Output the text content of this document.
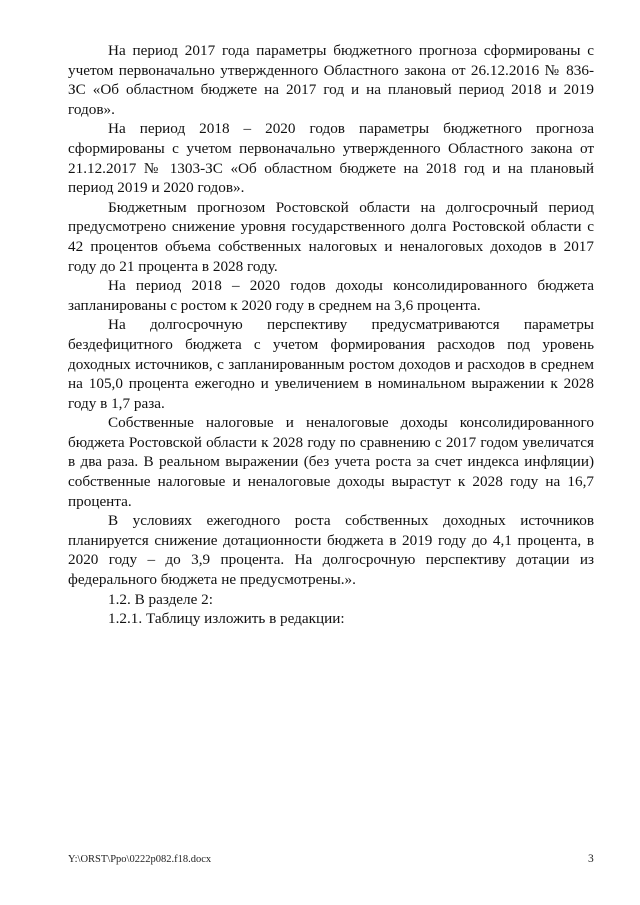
На период 2017 года параметры бюджетного прогноза сформированы с учетом первоначально утвержденного Областного закона от 26.12.2016 № 836-ЗС «Об областном бюджете на 2017 год и на плановый период 2018 и 2019 годов».

На период 2018 – 2020 годов параметры бюджетного прогноза сформированы с учетом первоначально утвержденного Областного закона от 21.12.2017 № 1303-ЗС «Об областном бюджете на 2018 год и на плановый период 2019 и 2020 годов».

Бюджетным прогнозом Ростовской области на долгосрочный период предусмотрено снижение уровня государственного долга Ростовской области с 42 процентов объема собственных налоговых и неналоговых доходов в 2017 году до 21 процента в 2028 году.

На период 2018 – 2020 годов доходы консолидированного бюджета запланированы с ростом к 2020 году в среднем на 3,6 процента.

На долгосрочную перспективу предусматриваются параметры бездефицитного бюджета с учетом формирования расходов под уровень доходных источников, с запланированным ростом доходов и расходов в среднем на 105,0 процента ежегодно и увеличением в номинальном выражении к 2028 году в 1,7 раза.

Собственные налоговые и неналоговые доходы консолидированного бюджета Ростовской области к 2028 году по сравнению с 2017 годом увеличатся в два раза. В реальном выражении (без учета роста за счет индекса инфляции) собственные налоговые и неналоговые доходы вырастут к 2028 году на 16,7 процента.

В условиях ежегодного роста собственных доходных источников планируется снижение дотационности бюджета в 2019 году до 4,1 процента, в 2020 году – до 3,9 процента. На долгосрочную перспективу дотации из федерального бюджета не предусмотрены.».

1.2. В разделе 2:

1.2.1. Таблицу изложить в редакции:

Y:\ORST\Ppo\0222p082.f18.docx	3
